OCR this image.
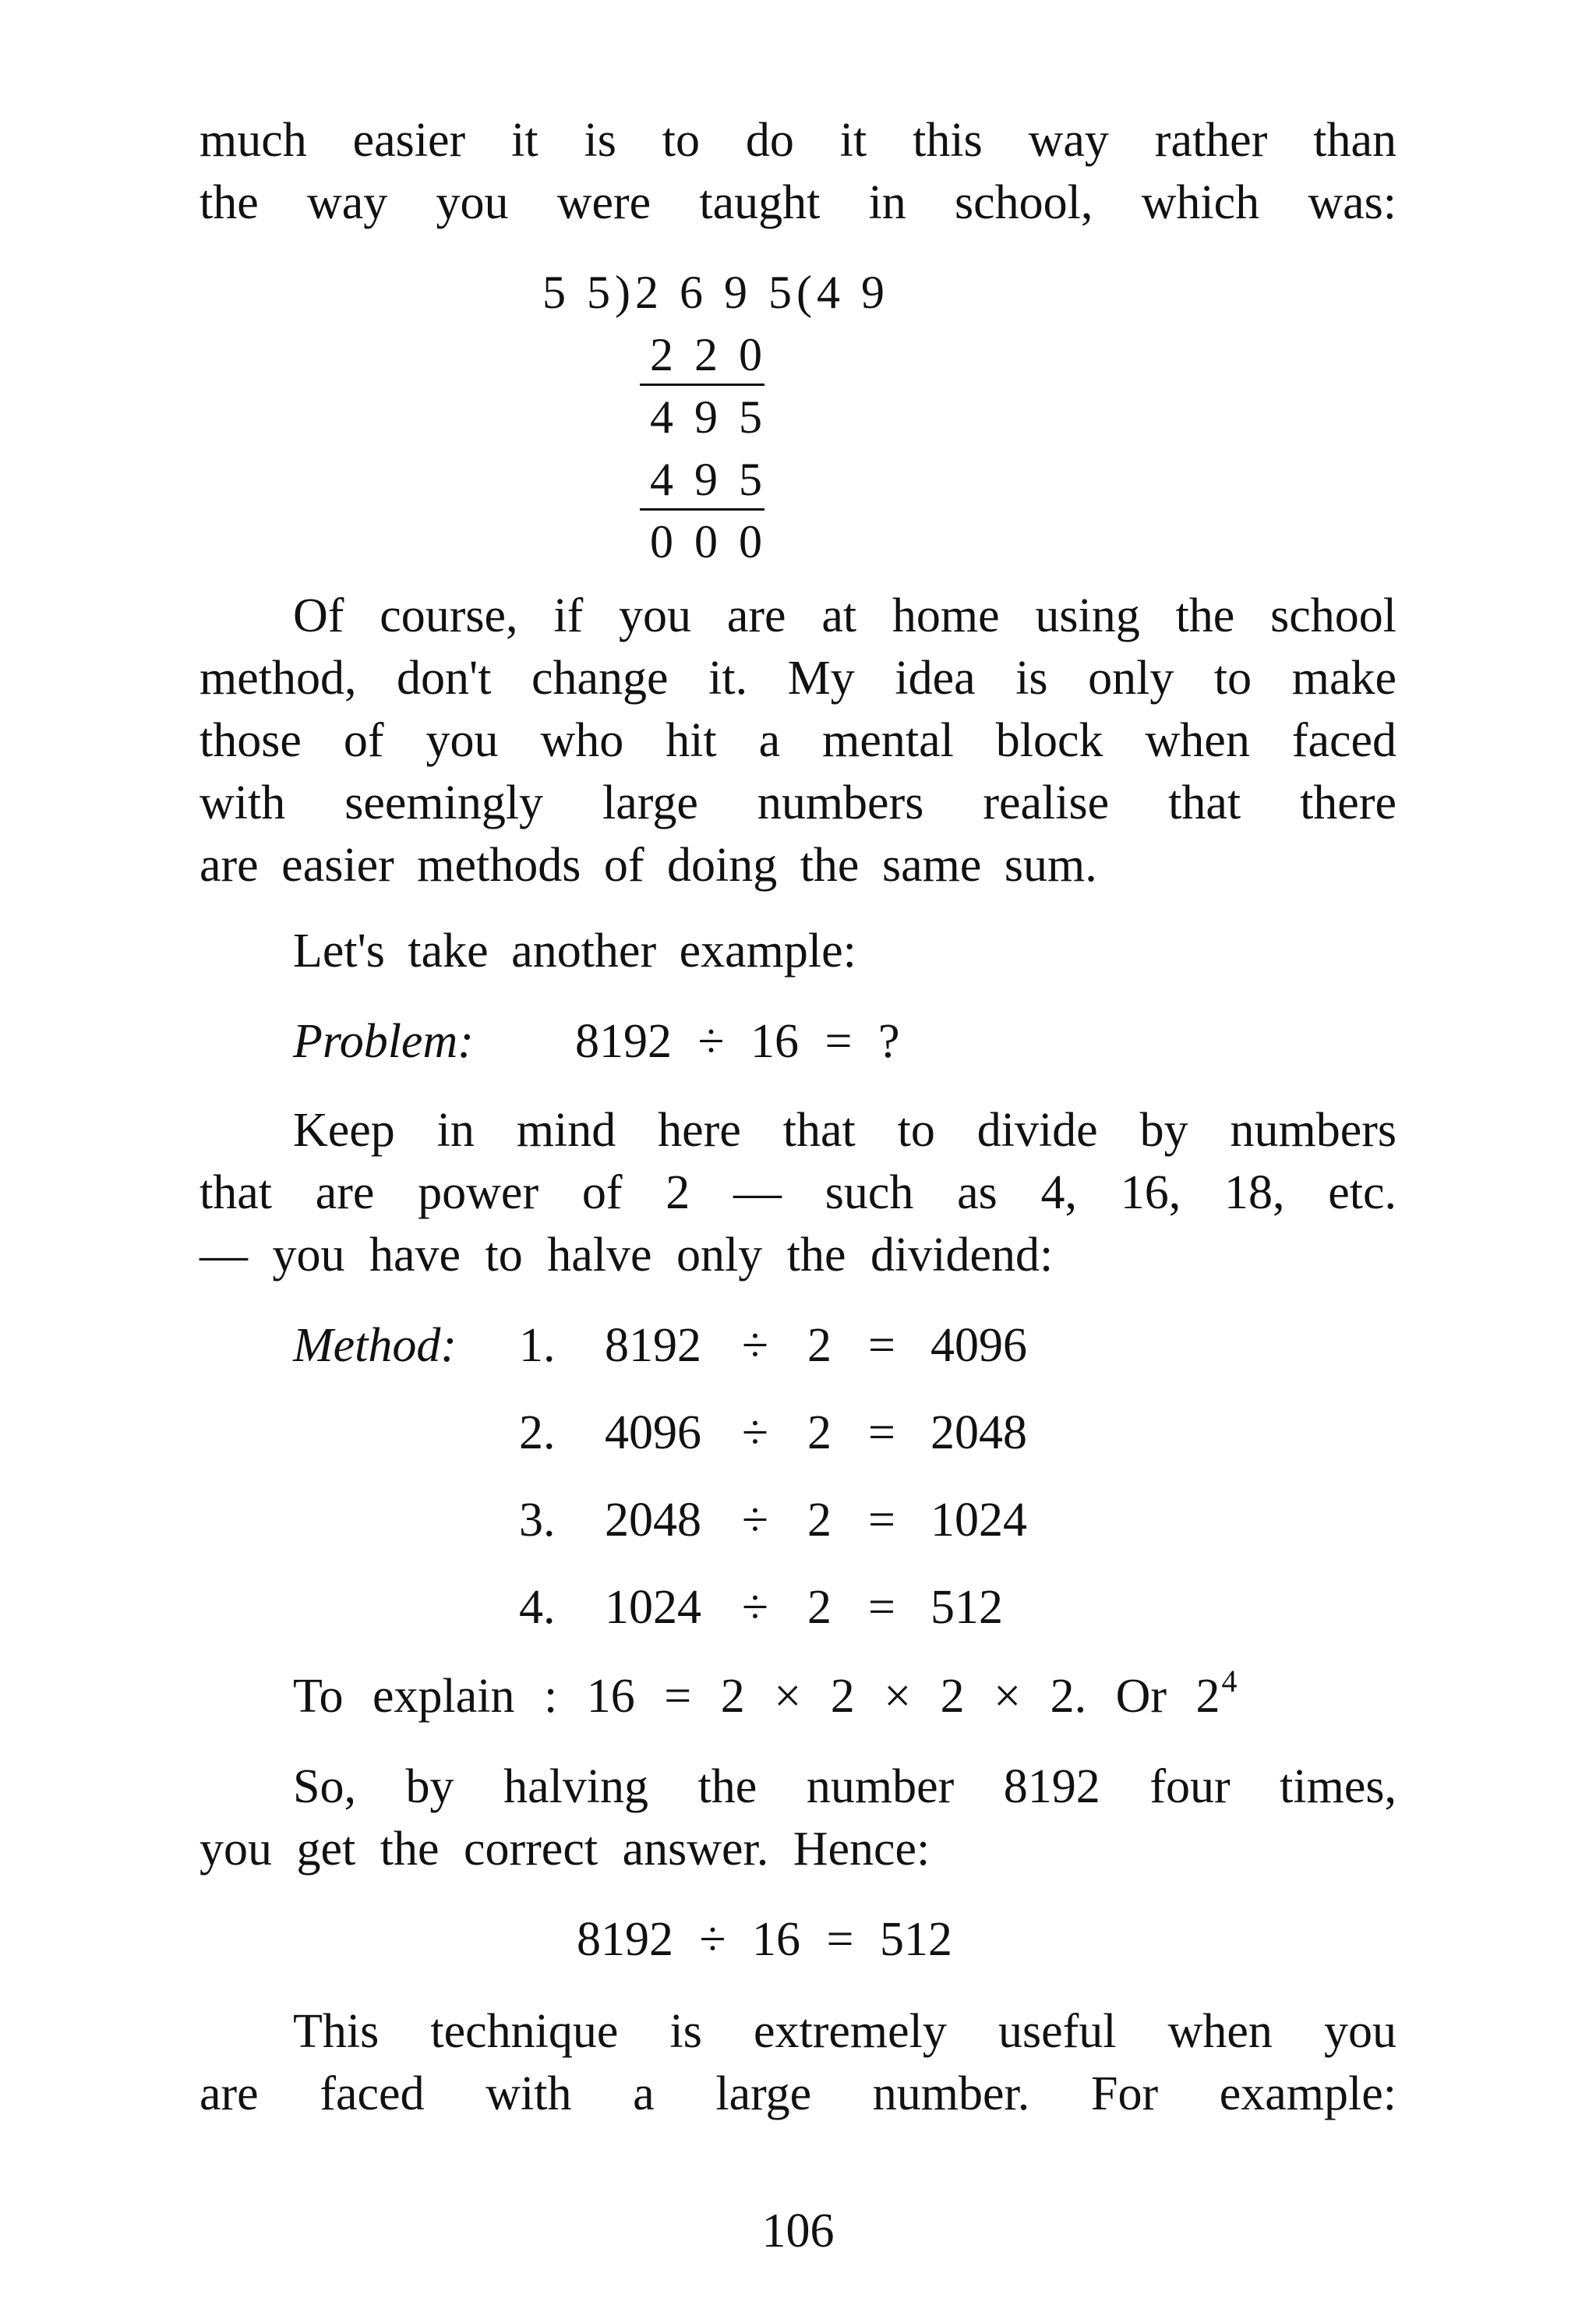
much easier it is to do it this way rather than
the way you were taught in school, which was:
5 5)2 6 9 5(4 9
2 2 0
4 9 5
4 9 5
0 0 0
Of course, if you are at home using the school
method, don't change it. My idea is only to make
those of you who hit a mental block when faced
with seemingly large numbers realise that there
are easier methods of doing the same sum.
Let's take another example:
Problem: 8192 ÷ 16 = ?
Keep in mind here that to divide by numbers
that are power of 2 — such as 4, 16, 18, etc.
— you have to halve only the dividend:
Method: 1. 8192 ÷ 2 = 4096
2. 4096 ÷ 2 = 2048
3. 2048 ÷ 2 = 1024
4. 1024 ÷ 2 = 512
To explain : 16 = 2 × 2 × 2 × 2. Or $2^4$
So, by halving the number 8192 four times,
you get the correct answer. Hence:
8192 ÷ 16 = 512
This technique is extremely useful when you
are faced with a large number. For example:
106
